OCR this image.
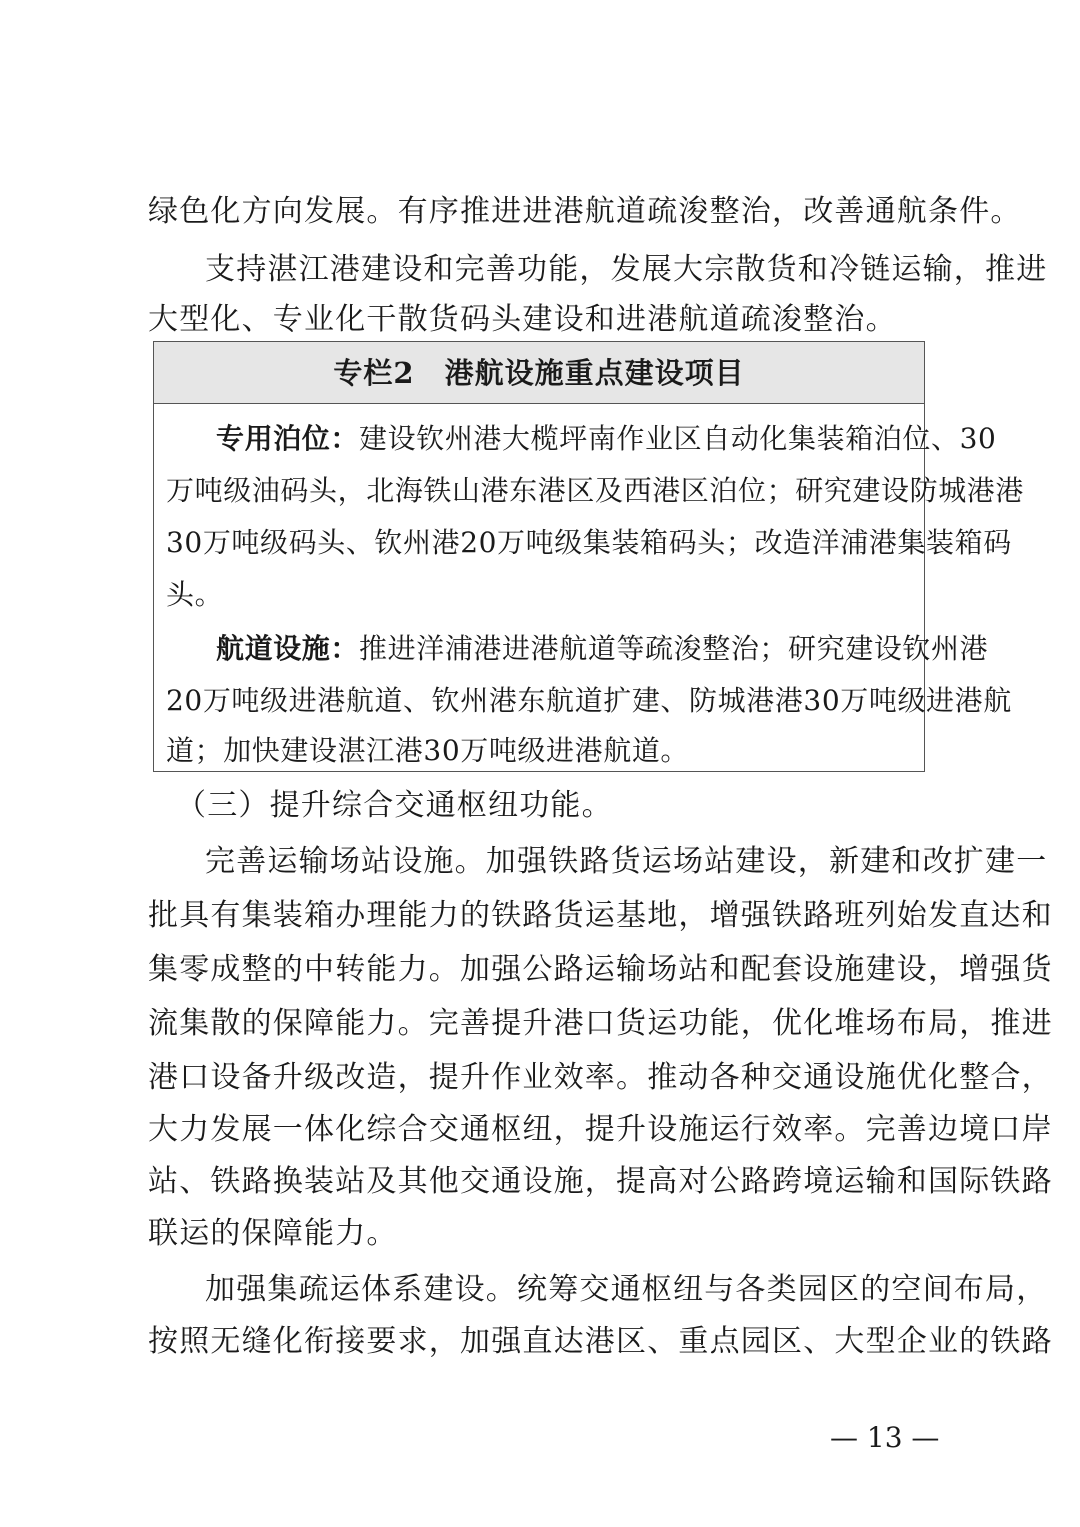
绿色化方向发展。有序推进进港航道疏浚整治，改善通航条件。
支持湛江港建设和完善功能，发展大宗散货和冷链运输，推进
大型化、专业化干散货码头建设和进港航道疏浚整治。
专栏2　港航设施重点建设项目
专用泊位：建设钦州港大榄坪南作业区自动化集装箱泊位、30
万吨级油码头，北海铁山港东港区及西港区泊位；研究建设防城港港
30万吨级码头、钦州港20万吨级集装箱码头；改造洋浦港集装箱码
头。
航道设施：推进洋浦港进港航道等疏浚整治；研究建设钦州港
20万吨级进港航道、钦州港东航道扩建、防城港港30万吨级进港航
道；加快建设湛江港30万吨级进港航道。
（三）提升综合交通枢纽功能。
完善运输场站设施。加强铁路货运场站建设，新建和改扩建一
批具有集装箱办理能力的铁路货运基地，增强铁路班列始发直达和
集零成整的中转能力。加强公路运输场站和配套设施建设，增强货
流集散的保障能力。完善提升港口货运功能，优化堆场布局，推进
港口设备升级改造，提升作业效率。推动各种交通设施优化整合，
大力发展一体化综合交通枢纽，提升设施运行效率。完善边境口岸
站、铁路换装站及其他交通设施，提高对公路跨境运输和国际铁路
联运的保障能力。
加强集疏运体系建设。统筹交通枢纽与各类园区的空间布局，
按照无缝化衔接要求，加强直达港区、重点园区、大型企业的铁路
— 13 —
